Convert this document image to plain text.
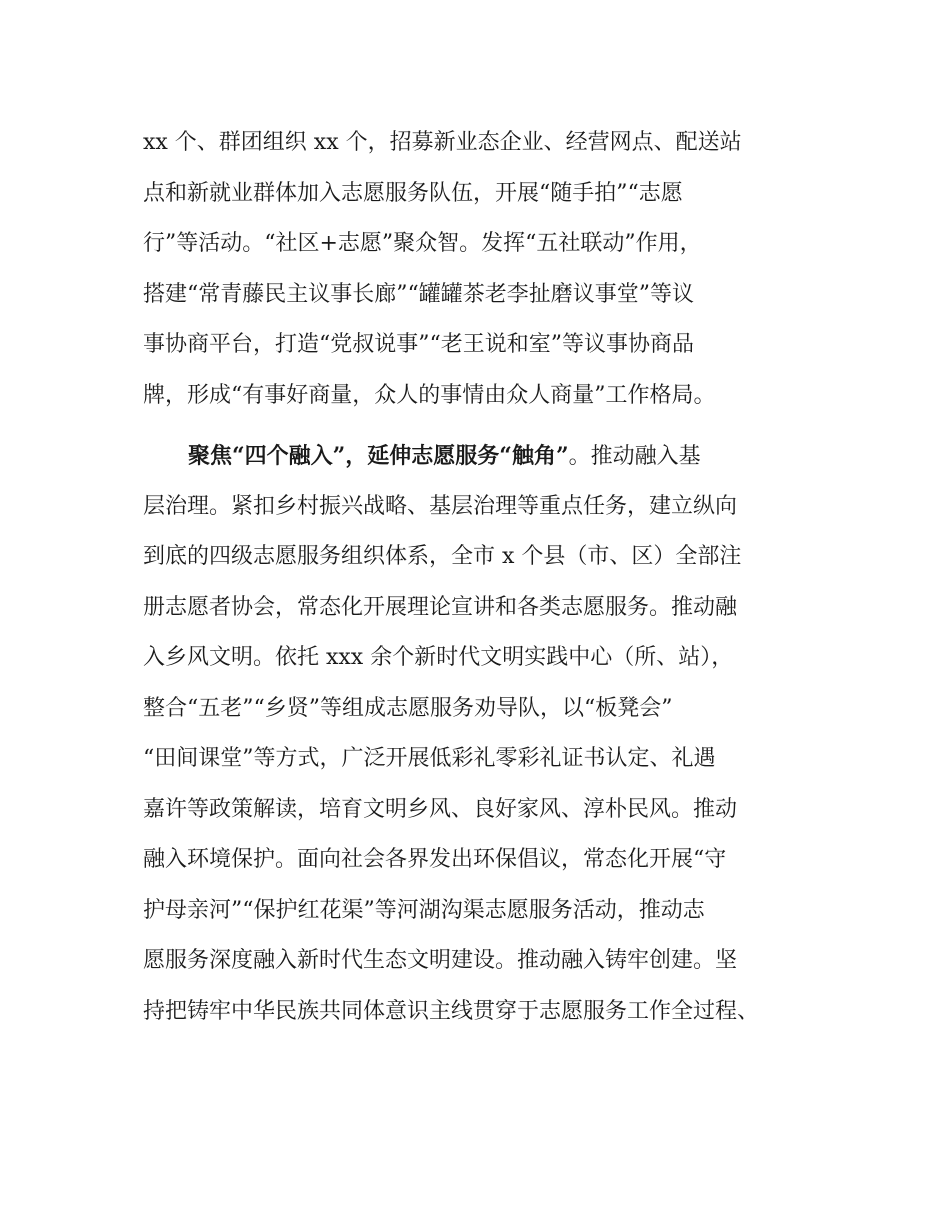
xx 个、群团组织 xx 个，招募新业态企业、经营网点、配送站
点和新就业群体加入志愿服务队伍，开展“随手拍”“志愿
行”等活动。“社区+志愿”聚众智。发挥“五社联动”作用，
搭建“常青藤民主议事长廊”“罐罐茶老李扯磨议事堂”等议
事协商平台，打造“党叔说事”“老王说和室”等议事协商品
牌，形成“有事好商量，众人的事情由众人商量”工作格局。
聚焦“四个融入”，延伸志愿服务“触角”。推动融入基
层治理。紧扣乡村振兴战略、基层治理等重点任务，建立纵向
到底的四级志愿服务组织体系，全市 x 个县（市、区）全部注
册志愿者协会，常态化开展理论宣讲和各类志愿服务。推动融
入乡风文明。依托 xxx 余个新时代文明实践中心（所、站），
整合“五老”“乡贤”等组成志愿服务劝导队，以“板凳会”
“田间课堂”等方式，广泛开展低彩礼零彩礼证书认定、礼遇
嘉许等政策解读，培育文明乡风、良好家风、淳朴民风。推动
融入环境保护。面向社会各界发出环保倡议，常态化开展“守
护母亲河”“保护红花渠”等河湖沟渠志愿服务活动，推动志
愿服务深度融入新时代生态文明建设。推动融入铸牢创建。坚
持把铸牢中华民族共同体意识主线贯穿于志愿服务工作全过程、
